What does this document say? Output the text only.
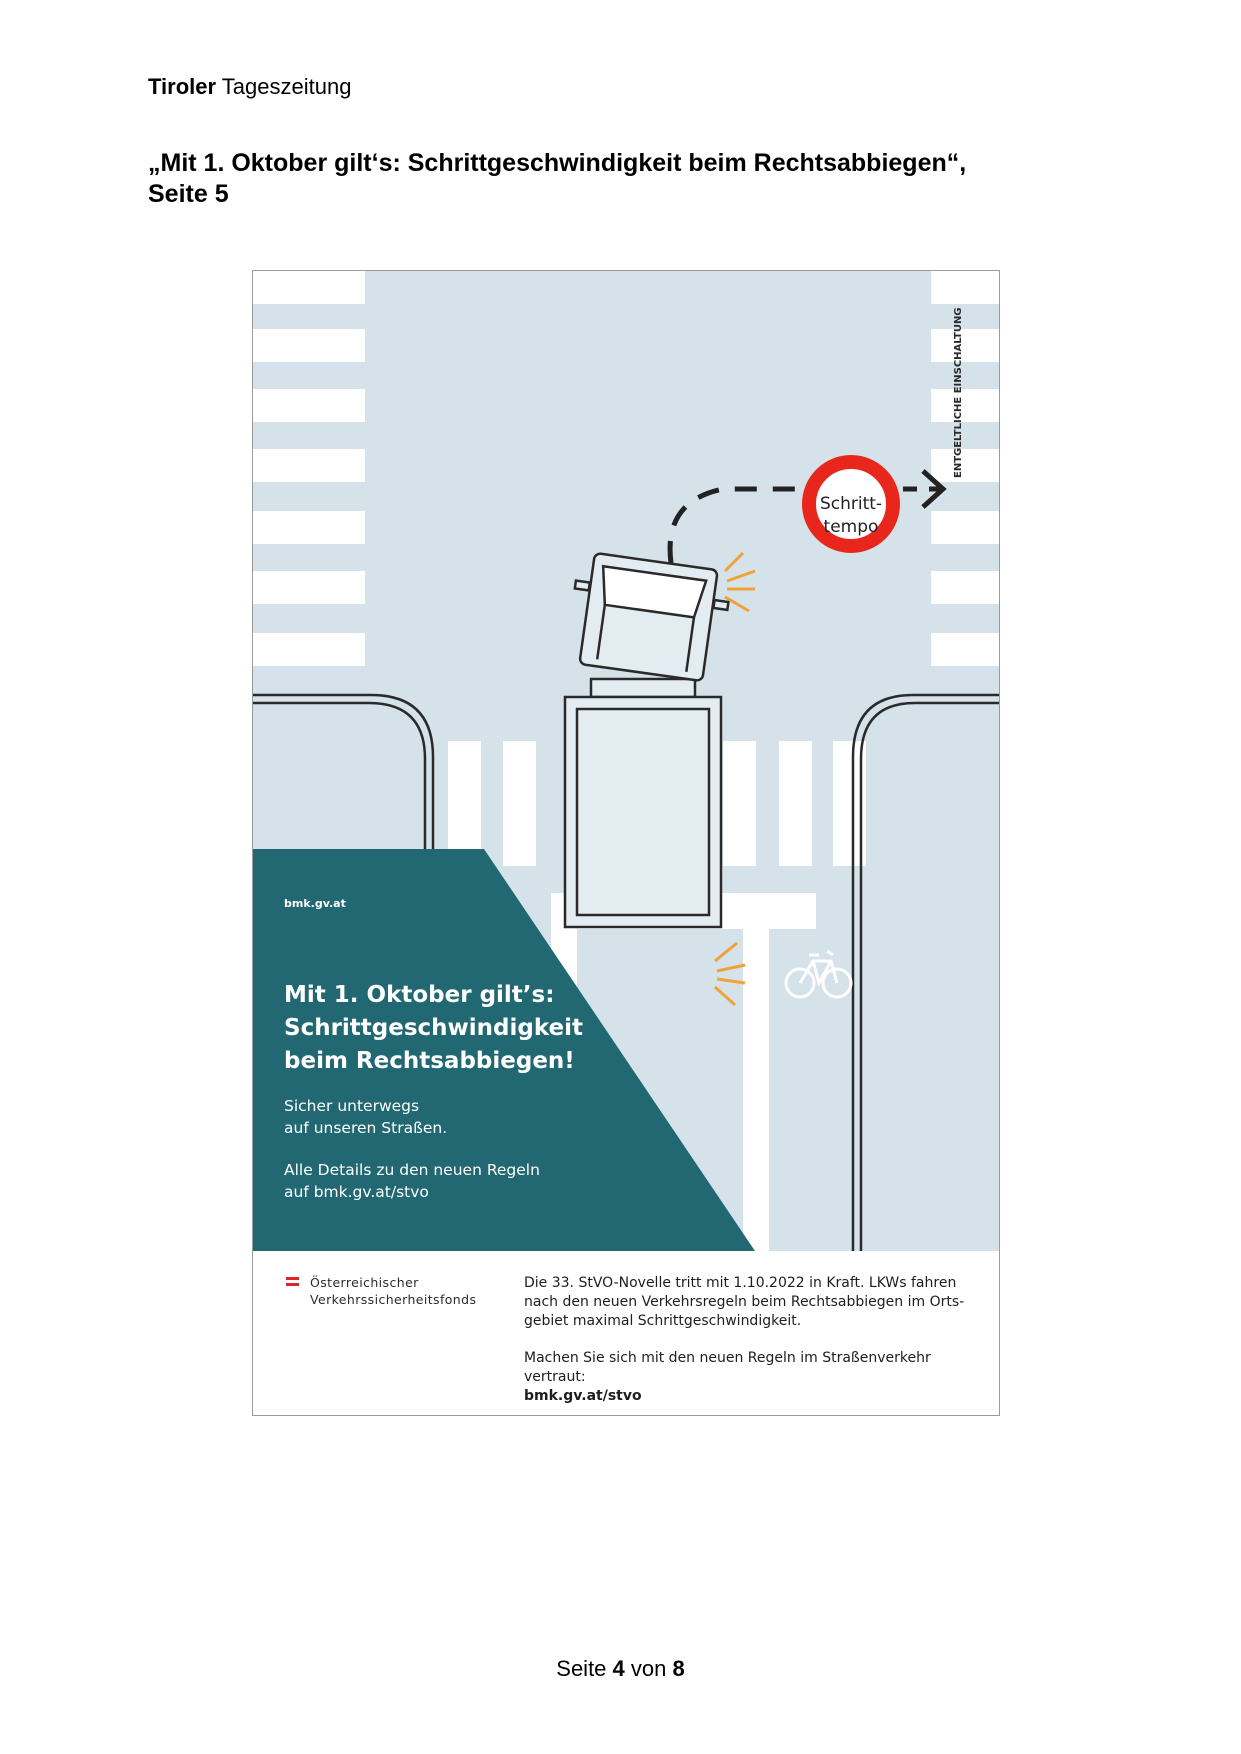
Tiroler Tageszeitung
„Mit 1. Oktober gilt‘s: Schrittgeschwindigkeit beim Rechtsabbiegen“,
Seite 5
ENTGELTLICHE EINSCHALTUNG
Schritt-
tempo
bmk.gv.at
Mit 1. Oktober gilt’s:
Schrittgeschwindigkeit
beim Rechtsabbiegen!
Sicher unterwegs
auf unseren Straßen.
Alle Details zu den neuen Regeln
auf bmk.gv.at/stvo
Österreichischer
Verkehrssicherheitsfonds
Die 33. StVO-Novelle tritt mit 1.10.2022 in Kraft. LKWs fahren
nach den neuen Verkehrsregeln beim Rechtsabbiegen im Orts-
gebiet maximal Schrittgeschwindigkeit.
Machen Sie sich mit den neuen Regeln im Straßenverkehr
vertraut:
bmk.gv.at/stvo
Seite 4 von 8
